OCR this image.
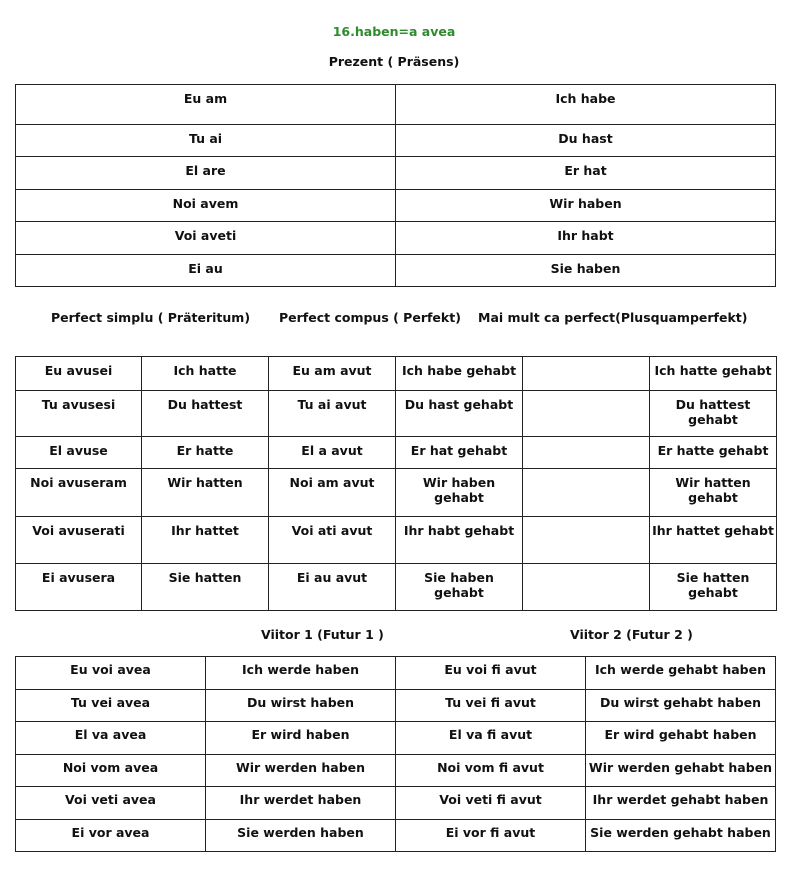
16.haben=a avea
Prezent ( Präsens)
Eu am	Ich habe
Tu ai	Du hast
El are	Er hat
Noi avem	Wir haben
Voi aveti	Ihr habt
Ei au	Sie haben
Perfect simplu ( Präteritum) Perfect compus ( Perfekt) Mai mult ca perfect(Plusquamperfekt)
Eu avusei	Ich hatte	Eu am avut	Ich habe gehabt		Ich hatte gehabt
Tu avusesi	Du hattest	Tu ai avut	Du hast gehabt		Du hattest gehabt
El avuse	Er hatte	El a avut	Er hat gehabt		Er hatte gehabt
Noi avuseram	Wir hatten	Noi am avut	Wir haben gehabt		Wir hatten gehabt
Voi avuserati	Ihr hattet	Voi ati avut	Ihr habt gehabt		Ihr hattet gehabt
Ei avusera	Sie hatten	Ei au avut	Sie haben gehabt		Sie hatten gehabt
Viitor 1 (Futur 1 )	Viitor 2 (Futur 2 )
Eu voi avea	Ich werde haben	Eu voi fi avut	Ich werde gehabt haben
Tu vei avea	Du wirst haben	Tu vei fi avut	Du wirst gehabt haben
El va avea	Er wird haben	El va fi avut	Er wird gehabt haben
Noi vom avea	Wir werden haben	Noi vom fi avut	Wir werden gehabt haben
Voi veti avea	Ihr werdet haben	Voi veti fi avut	Ihr werdet gehabt haben
Ei vor avea	Sie werden haben	Ei vor fi avut	Sie werden gehabt haben
